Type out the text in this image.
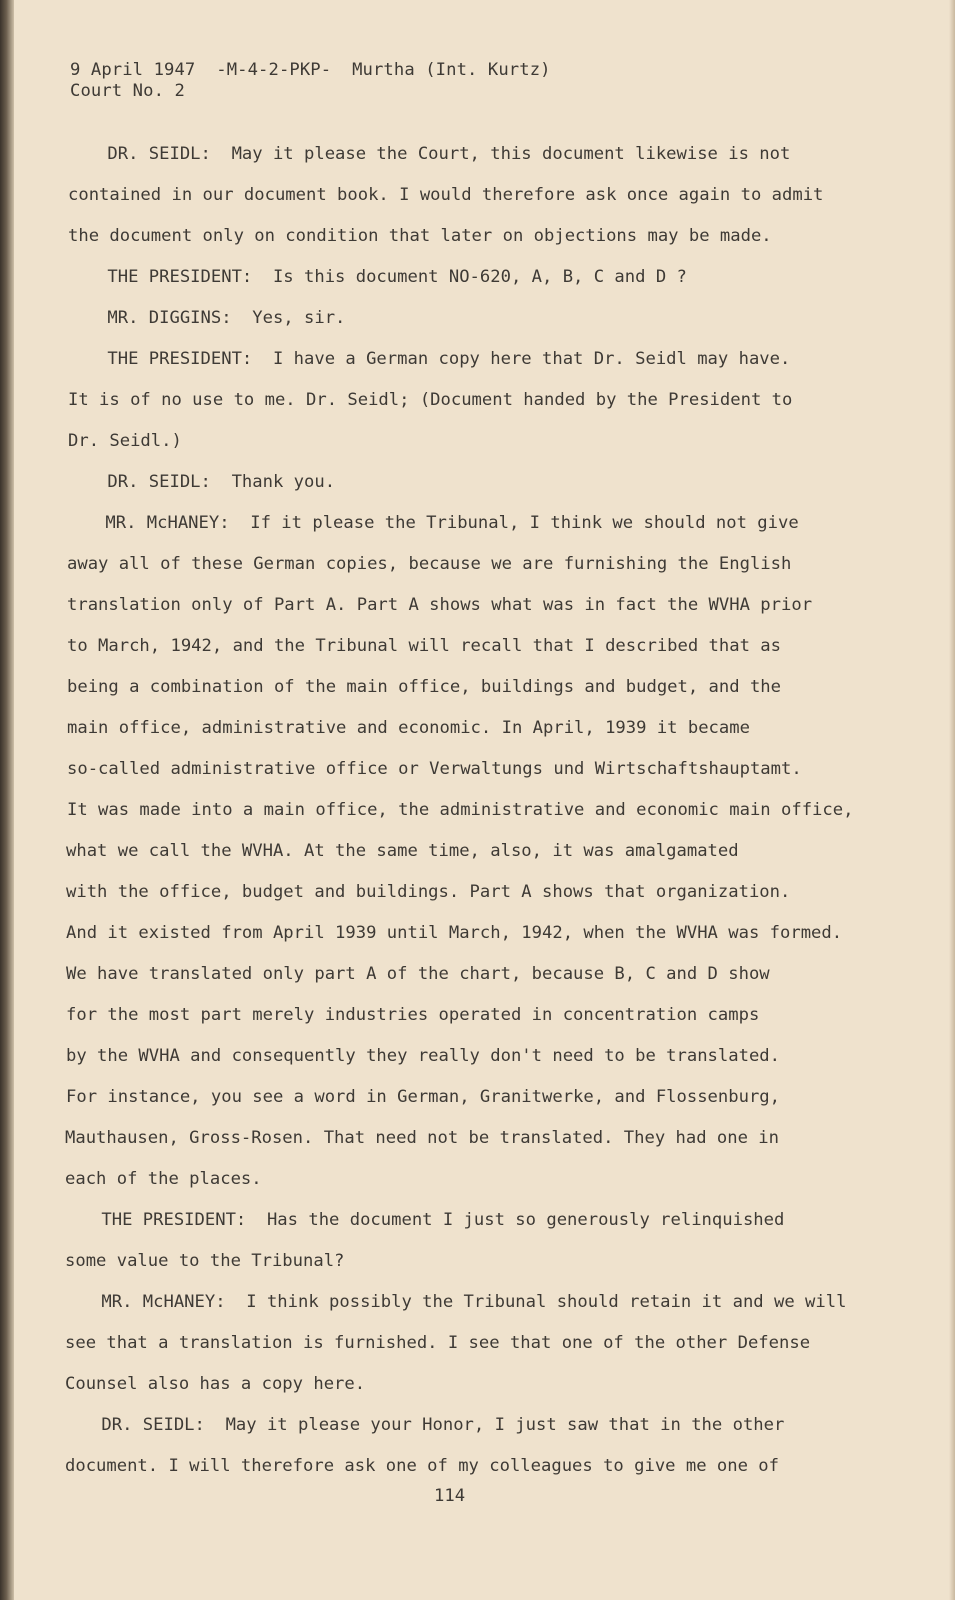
9 April 1947  -M-4-2-PKP-  Murtha (Int. Kurtz)
Court No. 2
DR. SEIDL:  May it please the Court, this document likewise is not
contained in our document book. I would therefore ask once again to admit
the document only on condition that later on objections may be made.
THE PRESIDENT:  Is this document NO-620, A, B, C and D ?
MR. DIGGINS:  Yes, sir.
THE PRESIDENT:  I have a German copy here that Dr. Seidl may have.
It is of no use to me. Dr. Seidl; (Document handed by the President to
Dr. Seidl.)
DR. SEIDL:  Thank you.
MR. McHANEY:  If it please the Tribunal, I think we should not give
away all of these German copies, because we are furnishing the English
translation only of Part A. Part A shows what was in fact the WVHA prior
to March, 1942, and the Tribunal will recall that I described that as
being a combination of the main office, buildings and budget, and the
main office, administrative and economic. In April, 1939 it became
so-called administrative office or Verwaltungs und Wirtschaftshauptamt.
It was made into a main office, the administrative and economic main office,
what we call the WVHA. At the same time, also, it was amalgamated
with the office, budget and buildings. Part A shows that organization.
And it existed from April 1939 until March, 1942, when the WVHA was formed.
We have translated only part A of the chart, because B, C and D show
for the most part merely industries operated in concentration camps
by the WVHA and consequently they really don't need to be translated.
For instance, you see a word in German, Granitwerke, and Flossenburg,
Mauthausen, Gross-Rosen. That need not be translated. They had one in
each of the places.
THE PRESIDENT:  Has the document I just so generously relinquished
some value to the Tribunal?
MR. McHANEY:  I think possibly the Tribunal should retain it and we will
see that a translation is furnished. I see that one of the other Defense
Counsel also has a copy here.
DR. SEIDL:  May it please your Honor, I just saw that in the other
document. I will therefore ask one of my colleagues to give me one of
114
